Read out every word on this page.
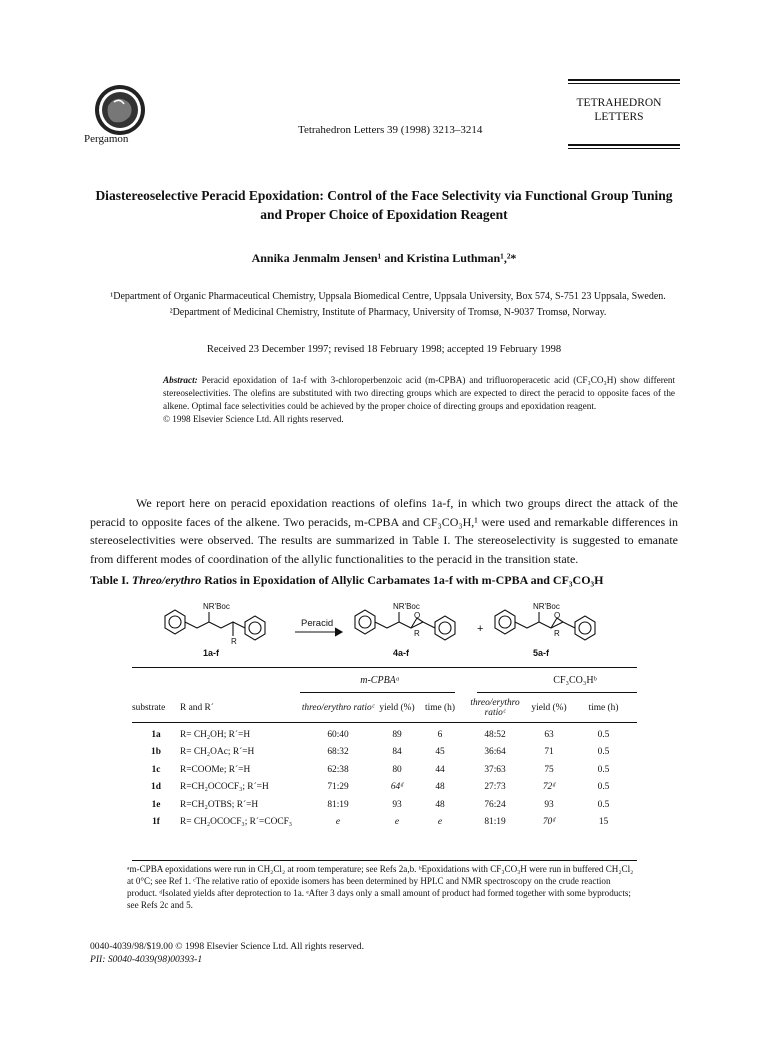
Pergamon
Tetrahedron Letters 39 (1998) 3213–3214
TETRAHEDRON
LETTERS
Diastereoselective Peracid Epoxidation: Control of the Face Selectivity via Functional Group Tuning and Proper Choice of Epoxidation Reagent
Annika Jenmalm Jensen¹ and Kristina Luthman¹,²*
¹Department of Organic Pharmaceutical Chemistry, Uppsala Biomedical Centre, Uppsala University, Box 574, S-751 23 Uppsala, Sweden. ²Department of Medicinal Chemistry, Institute of Pharmacy, University of Tromsø, N-9037 Tromsø, Norway.
Received 23 December 1997; revised 18 February 1998; accepted 19 February 1998
Abstract: Peracid epoxidation of 1a-f with 3-chloroperbenzoic acid (m-CPBA) and trifluoroperacetic acid (CF₃CO₃H) show different stereoselectivities. The olefins are substituted with two directing groups which are expected to direct the peracid to opposite faces of the alkene. Optimal face selectivities could be achieved by the proper choice of directing groups and epoxidation reagent.
© 1998 Elsevier Science Ltd. All rights reserved.
We report here on peracid epoxidation reactions of olefins 1a-f, in which two groups direct the attack of the peracid to opposite faces of the alkene. Two peracids, m-CPBA and CF₃CO₃H,¹ were used and remarkable differences in stereoselectivities were observed. The results are summarized in Table I. The stereoselectivity is suggested to emanate from different modes of coordination of the allylic functionalities to the peracid in the transition state.
Table I. Threo/erythro Ratios in Epoxidation of Allylic Carbamates 1a-f with m-CPBA and CF₃CO₃H
NR'Boc	NR'Boc	NR'Boc
R
R	R
O	O
Peracid	+
1a-f	4a-f	5a-f
m-CPBAᵃ	CF₃CO₃Hᵇ
substrate	R and R´	threo/erythro ratioᶜ	yield (%)	time (h)	threo/erythro ratioᶜ	yield (%)	time (h)
1a	R= CH₂OH; R´=H	60:40	89	6	48:52	63	0.5
1b	R= CH₂OAc; R´=H	68:32	84	45	36:64	71	0.5
1c	R=COOMe; R´=H	62:38	80	44	37:63	75	0.5
1d	R=CH₂OCOCF₃; R´=H	71:29	64ᵈ	48	27:73	72ᵈ	0.5
1e	R=CH₂OTBS; R´=H	81:19	93	48	76:24	93	0.5
1f	R= CH₂OCOCF₃; R´=COCF₃	e	e	e	81:19	70ᵈ	15
ᵃm-CPBA epoxidations were run in CH₂Cl₂ at room temperature; see Refs 2a,b. ᵇEpoxidations with CF₃CO₃H were run in buffered CH₂Cl₂ at 0°C; see Ref 1. ᶜThe relative ratio of epoxide isomers has been determined by HPLC and NMR spectroscopy on the crude reaction product. ᵈIsolated yields after deprotection to 1a. ᵉAfter 3 days only a small amount of product had formed together with some byproducts; see Refs 2c and 5.
0040-4039/98/$19.00 © 1998 Elsevier Science Ltd. All rights reserved.
PII: S0040-4039(98)00393-1
